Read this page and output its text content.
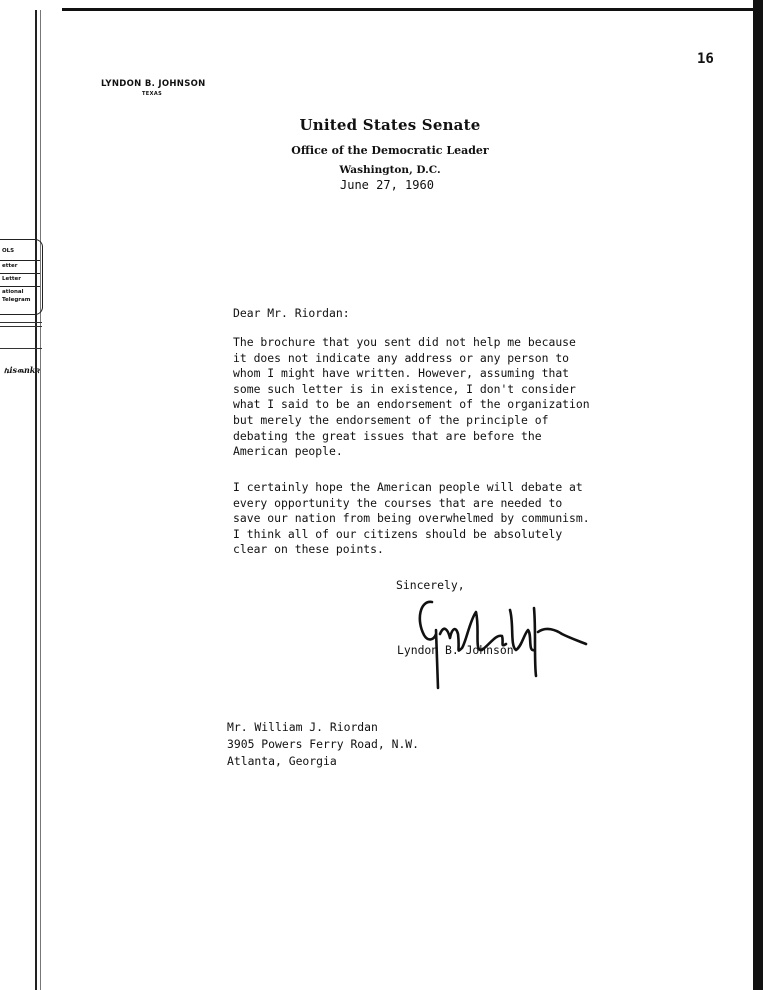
16
LYNDON B. JOHNSON
TEXAS
United States Senate
Office of the Democratic Leader
Washington, D.C.
June 27, 1960
OLS
etter
Letter
ational
Telegram
ኬisዉnkꝛ
Dear Mr. Riordan:

The brochure that you sent did not help me because it does not indicate any address or any person to whom I might have written. However, assuming that some such letter is in existence, I don't consider what I said to be an endorsement of the organization but merely the endorsement of the principle of debating the great issues that are before the American people.

I certainly hope the American people will debate at every opportunity the courses that are needed to save our nation from being overwhelmed by communism. I think all of our citizens should be absolutely clear on these points.

Sincerely,
Lyndon B. Johnson
Mr. William J. Riordan
3905 Powers Ferry Road, N.W.
Atlanta, Georgia
